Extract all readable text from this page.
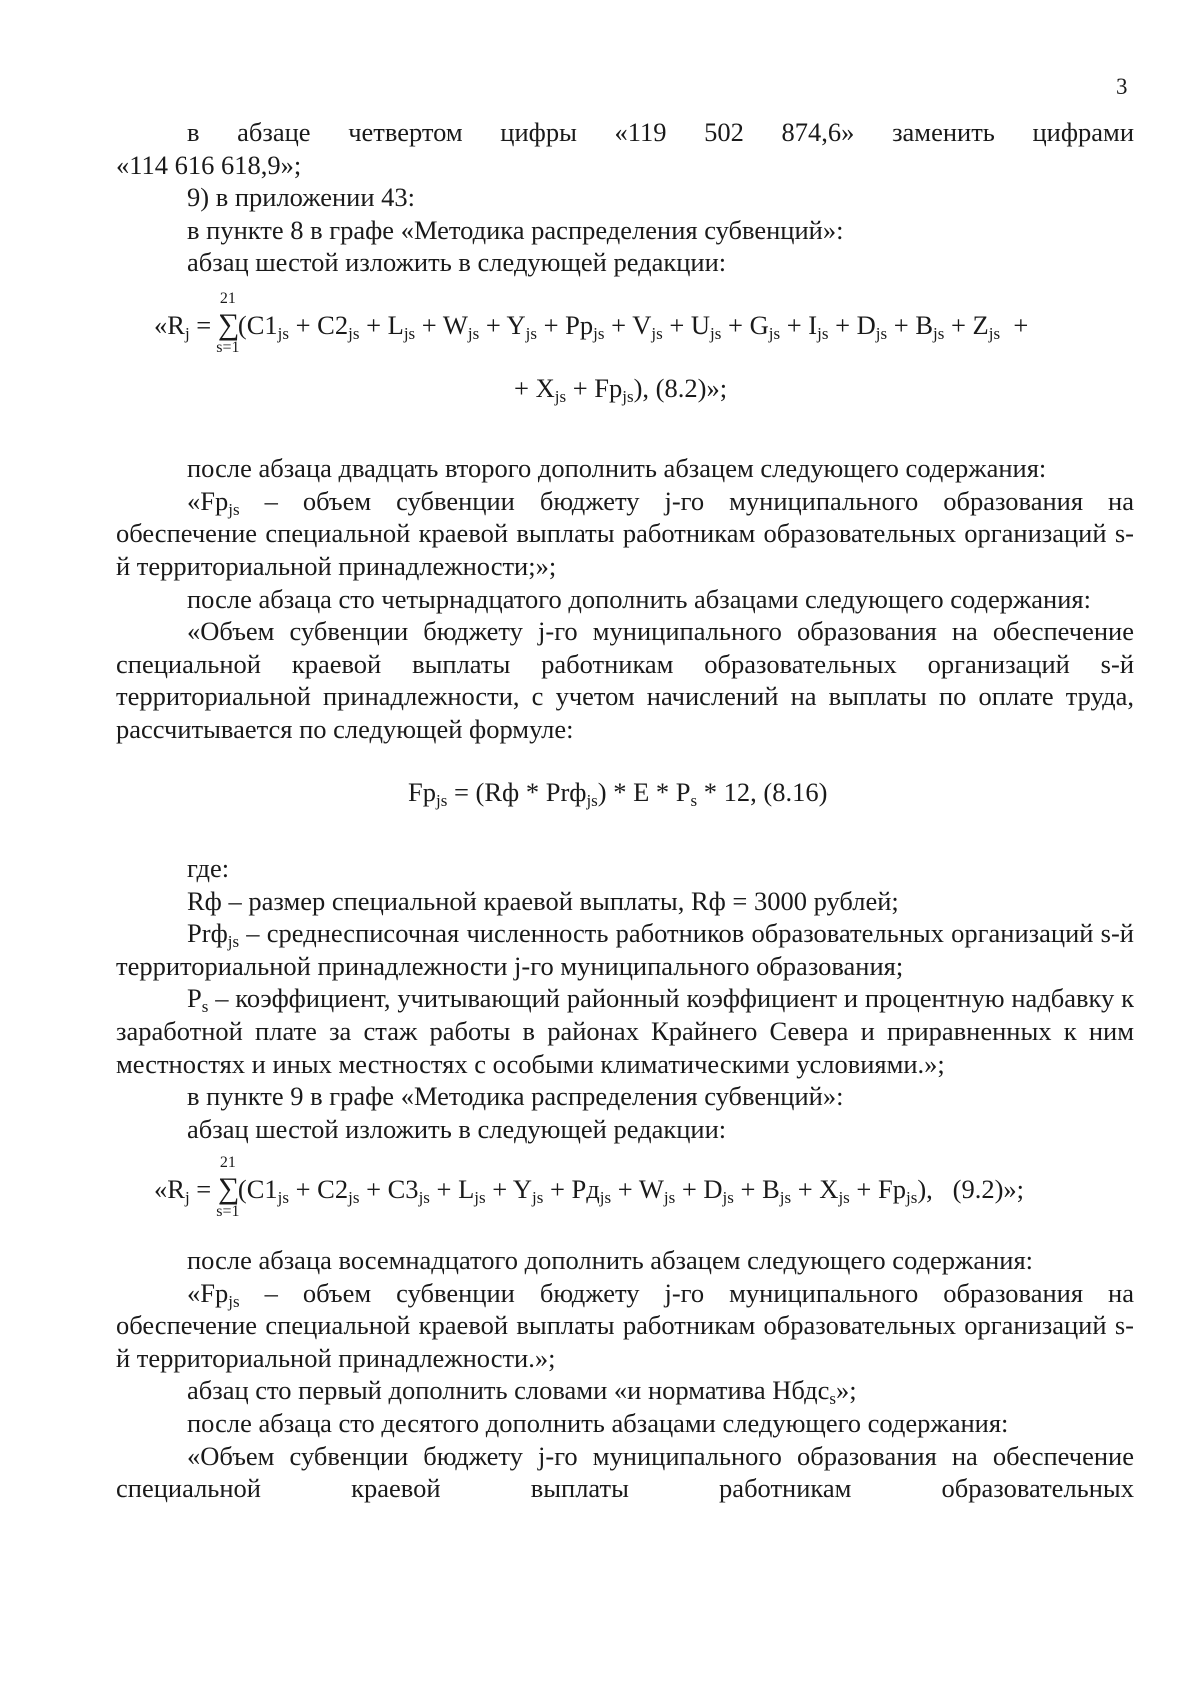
3

в абзаце четвертом цифры «119 502 874,6» заменить цифрами

«114 616 618,9»;

9) в приложении 43:

в пункте 8 в графе «Методика распределения субвенций»:

абзац шестой изложить в следующей редакции:

«$R_j$ = ∑
21
s=1
($C1_{js} + C2_{js} + L_{js} + W_{js} + Y_{js} + Pp_{js} + V_{js} + U_{js} + G_{js} + I_{js} + D_{js} + B_{js} + Z_{js}$  +

+ $X_{js} + Fp_{js}$), (8.2)»;

после абзаца двадцать второго дополнить абзацем следующего содержания:

«$Fp_{js}$ – объем субвенции бюджету j-го муниципального образования на обеспечение специальной краевой выплаты работникам образовательных организаций s-й территориальной принадлежности;»;

после абзаца сто четырнадцатого дополнить абзацами следующего содержания:

«Объем субвенции бюджету j-го муниципального образования на обеспечение специальной краевой выплаты работникам образовательных организаций s-й территориальной принадлежности, с учетом начислений на выплаты по оплате труда, рассчитывается по следующей формуле:

$Fp_{js} = (Rф * Prф_{js}) * E * P_s * 12$, (8.16)

где:

Rф – размер специальной краевой выплаты, Rф = 3000 рублей;

Prф$_{js}$ – среднесписочная численность работников образовательных организаций s-й территориальной принадлежности j-го муниципального образования;

$P_s$ – коэффициент, учитывающий районный коэффициент и процентную надбавку к заработной плате за стаж работы в районах Крайнего Севера и приравненных к ним местностях и иных местностях с особыми климатическими условиями.»;

в пункте 9 в графе «Методика распределения субвенций»:

абзац шестой изложить в следующей редакции:

«$R_j$ = ∑
21
s=1
$(C1_{js} + C2_{js} + C3_{js} + L_{js} + Y_{js} + Pд_{js} + W_{js} + D_{js} + B_{js} + X_{js} + Fp_{js})$,   (9.2)»;

после абзаца восемнадцатого дополнить абзацем следующего содержания:

«$Fp_{js}$ – объем субвенции бюджету j-го муниципального образования на обеспечение специальной краевой выплаты работникам образовательных организаций s-й территориальной принадлежности.»;

абзац сто первый дополнить словами «и норматива Нбдс$_s$»;

после абзаца сто десятого дополнить абзацами следующего содержания:

«Объем субвенции бюджету j-го муниципального образования на обеспечение специальной краевой выплаты работникам образовательных
